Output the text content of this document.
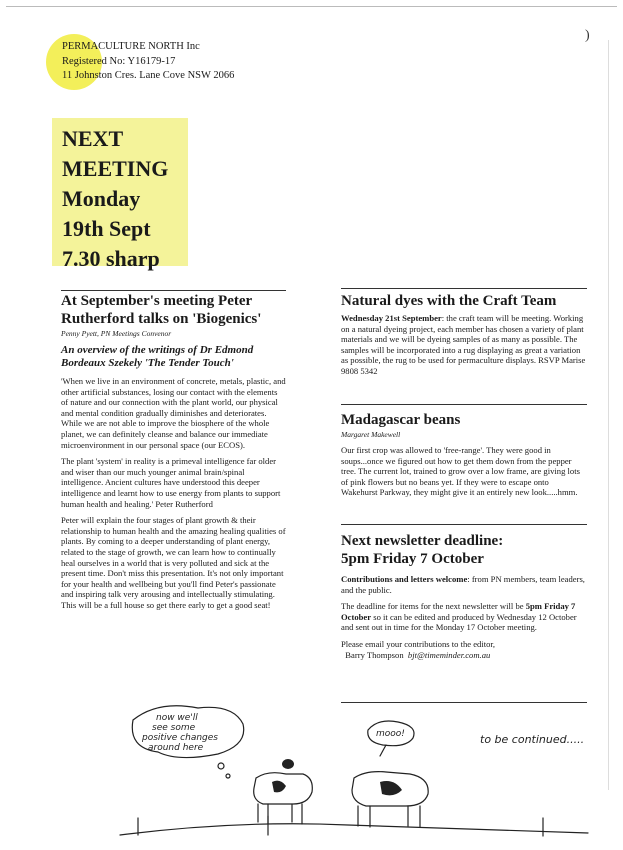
)
PERMACULTURE NORTH Inc
Registered No: Y16179-17
11 Johnston Cres. Lane Cove NSW 2066
NEXT
MEETING
Monday
19th Sept
7.30 sharp
At September's meeting Peter Rutherford talks on 'Biogenics'
Penny Pyett, PN Meetings Convenor
An overview of the writings of Dr Edmond Bordeaux Szekely 'The Tender Touch'

'When we live in an environment of concrete, metals, plastic, and other artificial substances, losing our contact with the elements of nature and our connection with the plant world, our physical and mental condition gradually diminishes and deteriorates. While we are not able to improve the biosphere of the whole planet, we can definitely cleanse and balance our immediate microenvironment in our personal space (our ECOS).

The plant 'system' in reality is a primeval intelligence far older and wiser than our much younger animal brain/spinal intelligence. Ancient cultures have understood this deeper intelligence and learnt how to use energy from plants to support human health and healing.' Peter Rutherford

Peter will explain the four stages of plant growth & their relationship to human health and the amazing healing qualities of plants. By coming to a deeper understanding of plant energy, related to the stage of growth, we can learn how to continually heal ourselves in a world that is very polluted and sick at the present time. Don't miss this presentation. It's not only important for your health and wellbeing but you'll find Peter's passionate and inspiring talk very arousing and intellectually stimulating. This will be a full house so get there early to get a good seat!

Natural dyes with the Craft Team

Wednesday 21st September: the craft team will be meeting. Working on a natural dyeing project, each member has chosen a variety of plant materials and we will be dyeing samples of as many as possible. The samples will be incorporated into a rug displaying as great a variation as possible, the rug to be used for permaculture displays. RSVP Marise 9808 5342

Madagascar beans
Margaret Makewell

Our first crop was allowed to 'free-range'. They were good in soups...once we figured out how to get them down from the pepper tree. The current lot, trained to grow over a low frame, are giving lots of pink flowers but no beans yet. If they were to escape onto Wakehurst Parkway, they might give it an entirely new look.....hmm.

Next newsletter deadline:
5pm Friday 7 October

Contributions and letters welcome: from PN members, team leaders, and the public.

The deadline for items for the next newsletter will be 5pm Friday 7 October so it can be edited and produced by Wednesday 12 October and sent out in time for the Monday 17 October meeting.

Please email your contributions to the editor,

Barry Thompson bjt@timeminder.com.au

now we'll
see some
positive changes
around here
mooo!	to be continued.....
